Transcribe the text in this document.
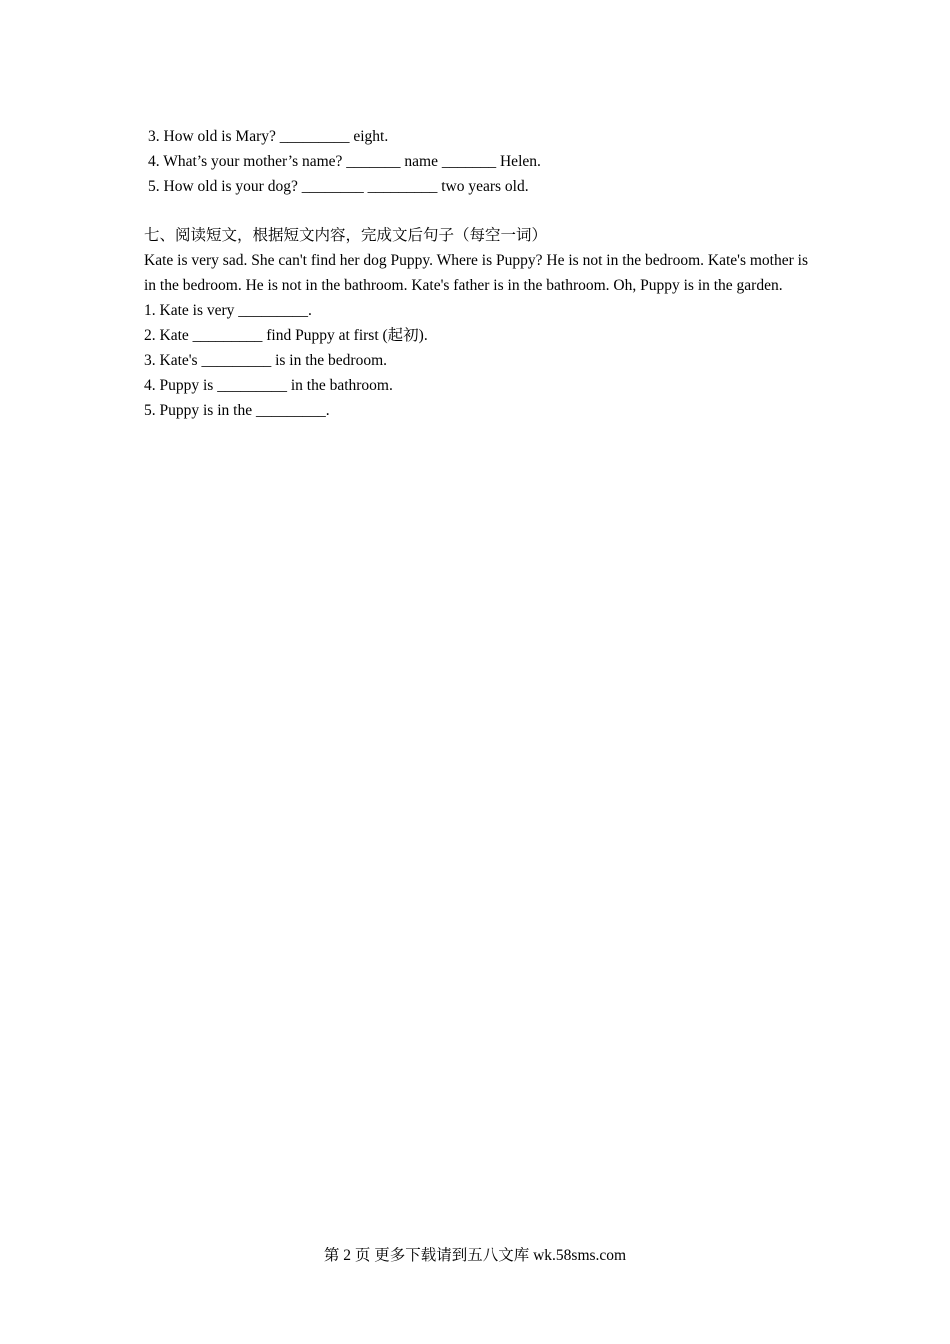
3. How old is Mary? _________ eight.
4. What’s your mother’s name? _______ name _______ Helen.
5. How old is your dog? ________ _________ two years old.
七、阅读短文，根据短文内容，完成文后句子（每空一词）
Kate is very sad. She can't find her dog Puppy. Where is Puppy? He is not in the bedroom. Kate's mother is in the bedroom. He is not in the bathroom. Kate's father is in the bathroom. Oh, Puppy is in the garden.
1. Kate is very _________.
2. Kate _________ find Puppy at first (起初).
3. Kate's _________ is in the bedroom.
4. Puppy is _________ in the bathroom.
5. Puppy is in the _________.
第 2 页 更多下载请到五八文库 wk.58sms.com
